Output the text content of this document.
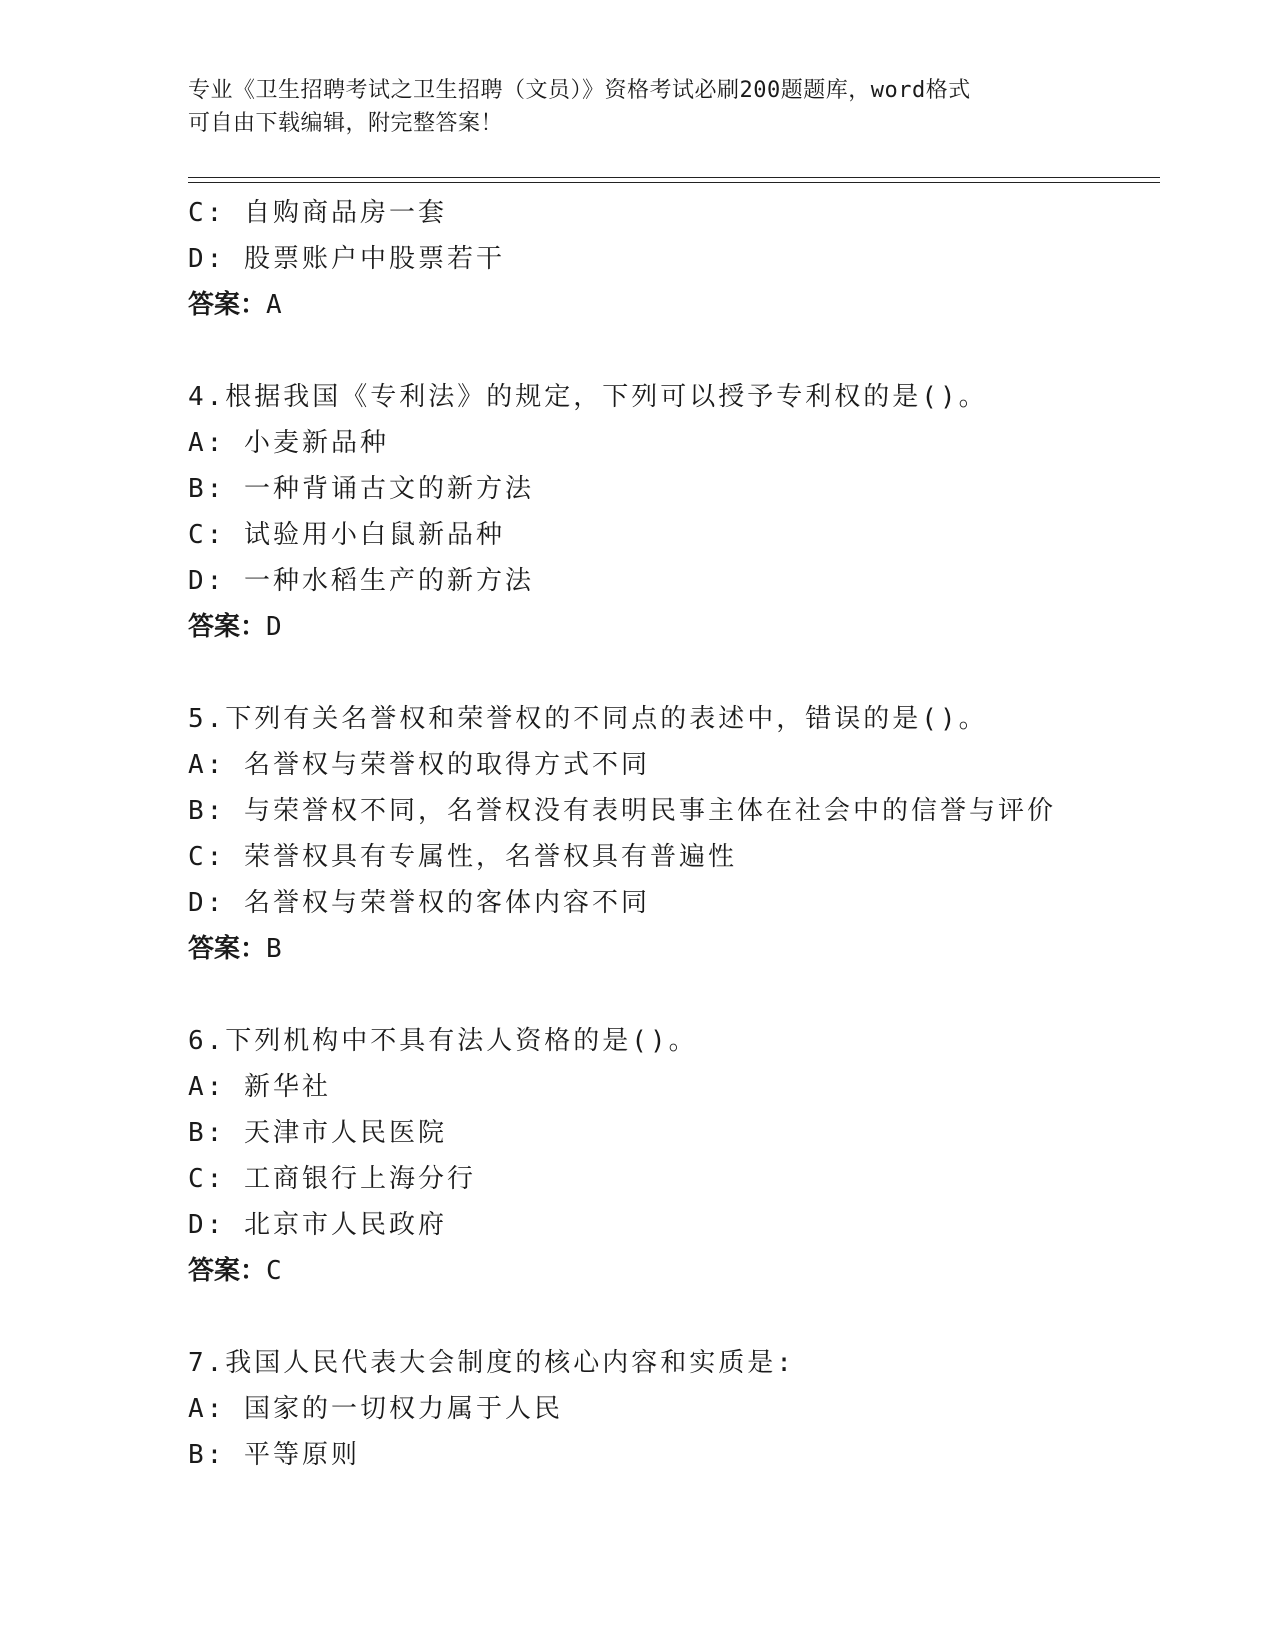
专业《卫生招聘考试之卫生招聘（文员）》资格考试必刷200题题库，word格式
可自由下载编辑，附完整答案！
C: 自购商品房一套
D: 股票账户中股票若干
答案：A
4.根据我国《专利法》的规定，下列可以授予专利权的是()。
A: 小麦新品种
B: 一种背诵古文的新方法
C: 试验用小白鼠新品种
D: 一种水稻生产的新方法
答案：D
5.下列有关名誉权和荣誉权的不同点的表述中，错误的是()。
A: 名誉权与荣誉权的取得方式不同
B: 与荣誉权不同，名誉权没有表明民事主体在社会中的信誉与评价
C: 荣誉权具有专属性，名誉权具有普遍性
D: 名誉权与荣誉权的客体内容不同
答案：B
6.下列机构中不具有法人资格的是()。
A: 新华社
B: 天津市人民医院
C: 工商银行上海分行
D: 北京市人民政府
答案：C
7.我国人民代表大会制度的核心内容和实质是:
A: 国家的一切权力属于人民
B: 平等原则
